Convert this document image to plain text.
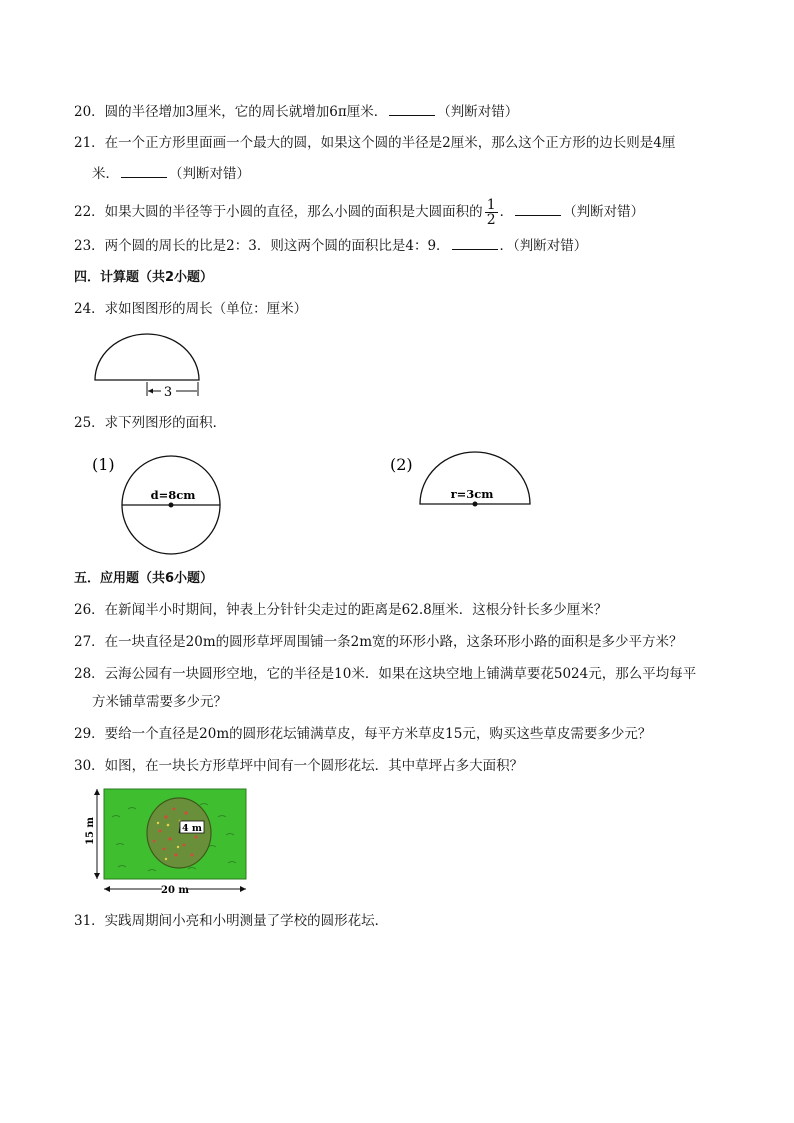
20．圆的半径增加3厘米，它的周长就增加6π厘米．	（判断对错）
21．在一个正方形里面画一个最大的圆，如果这个圆的半径是2厘米，那么这个正方形的边长则是4厘
米．	（判断对错）
22．如果大圆的半径等于小圆的直径，那么小圆的面积是大圆面积的 $\frac{1}{2}$ ．	（判断对错）
23．两个圆的周长的比是2：3．则这两个圆的面积比是4：9．	．（判断对错）
四．计算题（共2小题）
24．求如图图形的周长（单位：厘米）
3
25．求下列图形的面积．
(1)
d=8cm
(2)
r=3cm
五．应用题（共6小题）
26．在新闻半小时期间，钟表上分针针尖走过的距离是62.8厘米．这根分针长多少厘米？
27．在一块直径是20m的圆形草坪周围铺一条2m宽的环形小路，这条环形小路的面积是多少平方米？
28．云海公园有一块圆形空地，它的半径是10米．如果在这块空地上铺满草要花5024元，那么平均每平
方米铺草需要多少元？
29．要给一个直径是20m的圆形花坛铺满草皮，每平方米草皮15元，购买这些草皮需要多少元？
30．如图，在一块长方形草坪中间有一个圆形花坛．其中草坪占多大面积？
15 m	4 m
20 m
31．实践周期间小亮和小明测量了学校的圆形花坛．
